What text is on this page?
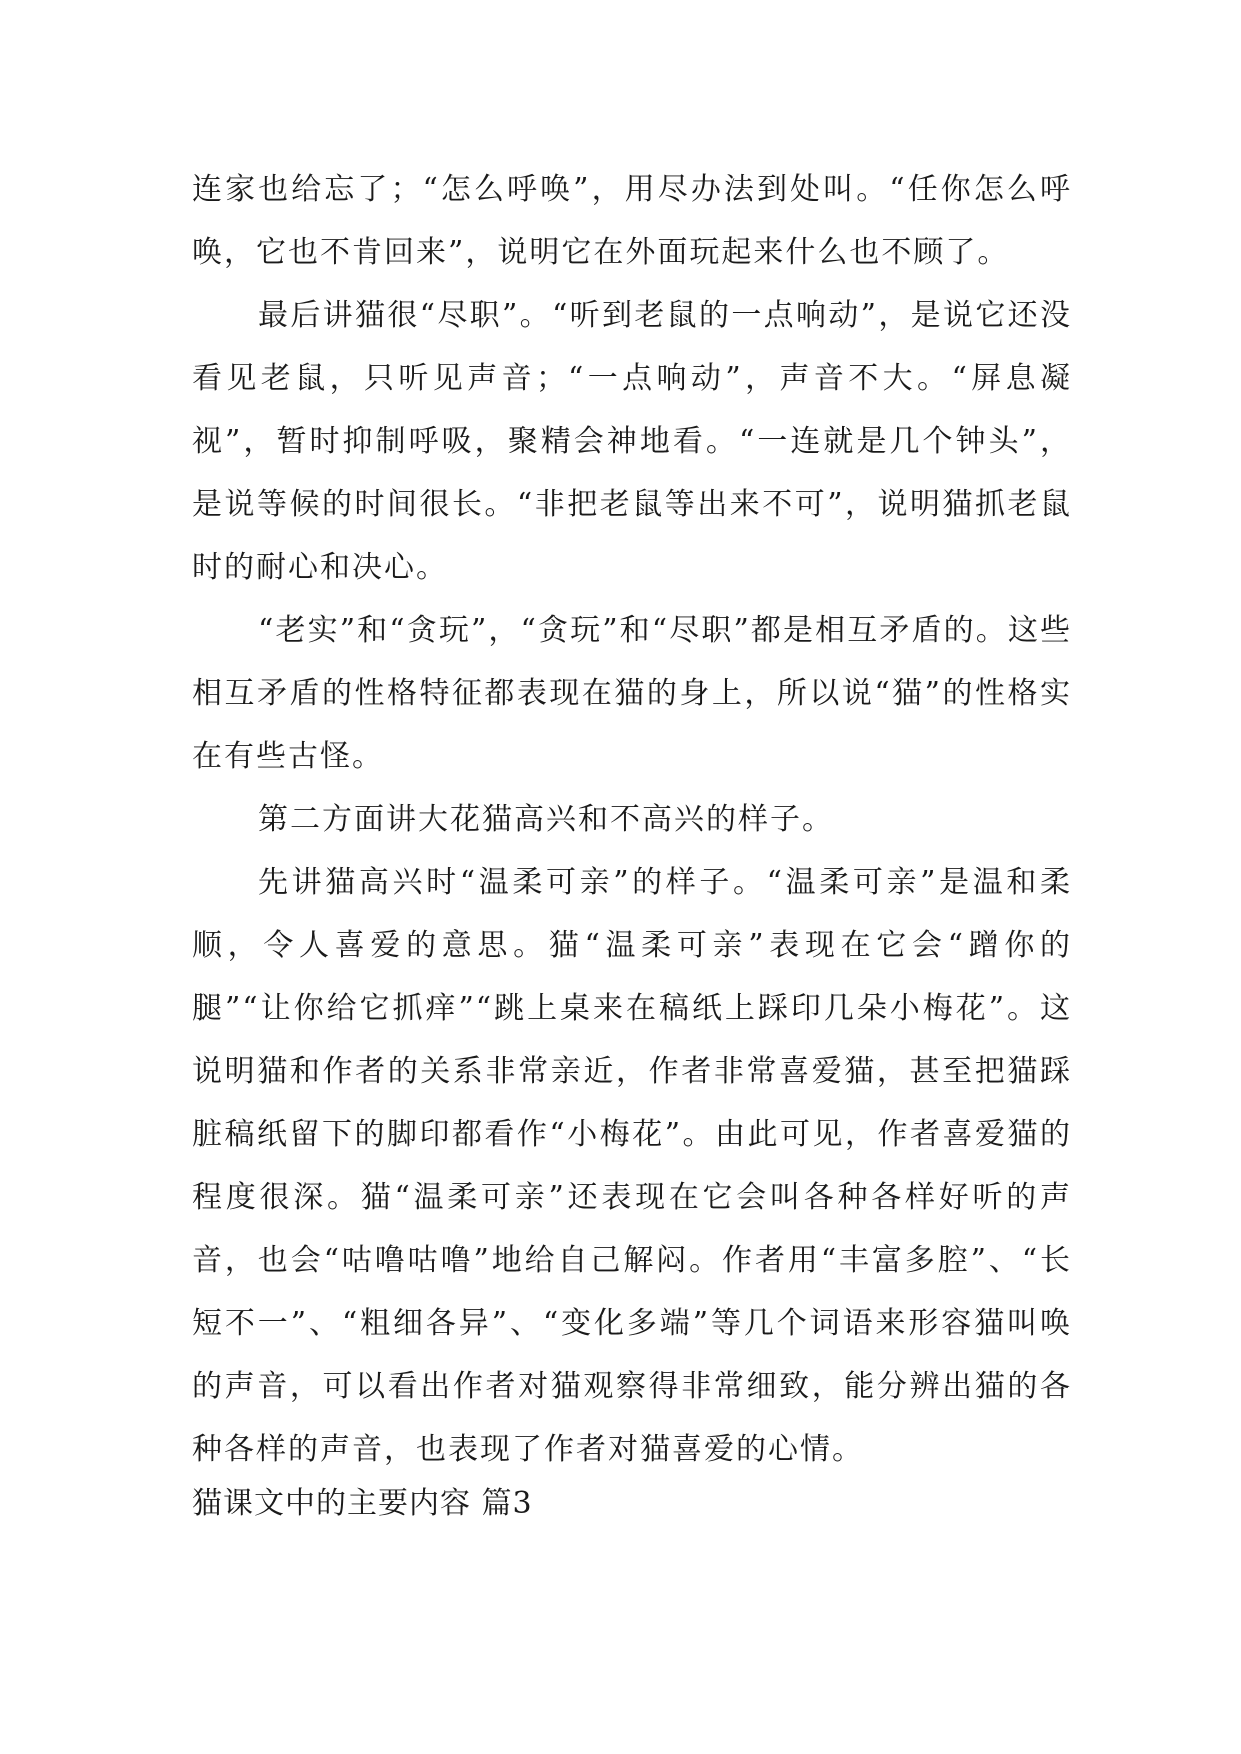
连家也给忘了；“怎么呼唤”，用尽办法到处叫。“任你怎么呼唤，它也不肯回来”，说明它在外面玩起来什么也不顾了。

最后讲猫很“尽职”。“听到老鼠的一点响动”，是说它还没看见老鼠，只听见声音；“一点响动”，声音不大。“屏息凝视”，暂时抑制呼吸，聚精会神地看。“一连就是几个钟头”，是说等候的时间很长。“非把老鼠等出来不可”，说明猫抓老鼠时的耐心和决心。

“老实”和“贪玩”，“贪玩”和“尽职”都是相互矛盾的。这些相互矛盾的性格特征都表现在猫的身上，所以说“猫”的性格实在有些古怪。

第二方面讲大花猫高兴和不高兴的样子。

先讲猫高兴时“温柔可亲”的样子。“温柔可亲”是温和柔顺，令人喜爱的意思。猫“温柔可亲”表现在它会“蹭你的腿”“让你给它抓痒”“跳上桌来在稿纸上踩印几朵小梅花”。这说明猫和作者的关系非常亲近，作者非常喜爱猫，甚至把猫踩脏稿纸留下的脚印都看作“小梅花”。由此可见，作者喜爱猫的程度很深。猫“温柔可亲”还表现在它会叫各种各样好听的声音，也会“咕噜咕噜”地给自己解闷。作者用“丰富多腔”、“长短不一”、“粗细各异”、“变化多端”等几个词语来形容猫叫唤的声音，可以看出作者对猫观察得非常细致，能分辨出猫的各种各样的声音，也表现了作者对猫喜爱的心情。

猫课文中的主要内容 篇3
